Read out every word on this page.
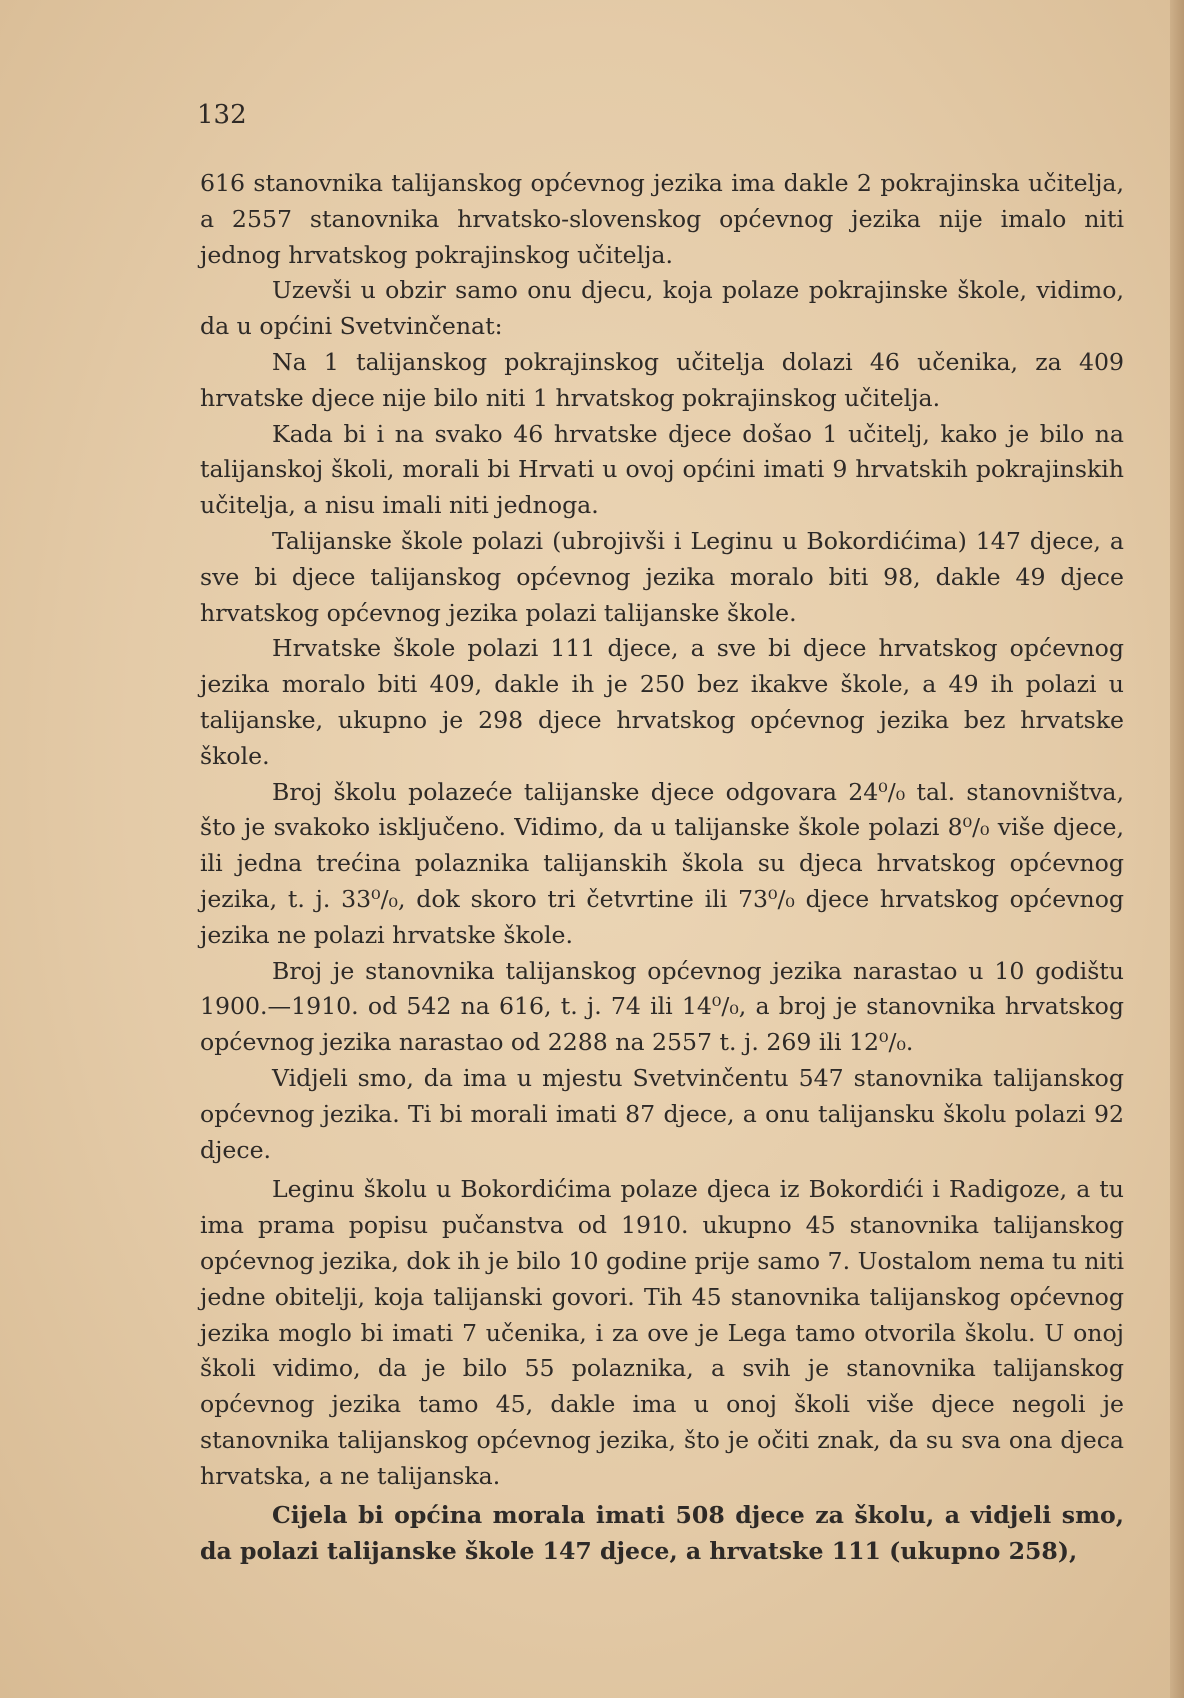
132

616 stanovnika talijanskog općevnog jezika ima dakle 2 pokrajinska učitelja, a 2557 stanovnika hrvatsko-slovenskog općevnog jezika nije imalo niti jednog hrvatskog pokrajinskog učitelja.

Uzevši u obzir samo onu djecu, koja polaze pokrajinske škole, vidimo, da u općini Svetvinčenat:

Na 1 talijanskog pokrajinskog učitelja dolazi 46 učenika, za 409 hrvatske djece nije bilo niti 1 hrvatskog pokrajinskog učitelja.

Kada bi i na svako 46 hrvatske djece došao 1 učitelj, kako je bilo na talijanskoj školi, morali bi Hrvati u ovoj općini imati 9 hrvatskih pokrajinskih učitelja, a nisu imali niti jednoga.

Talijanske škole polazi (ubrojivši i Leginu u Bokordićima) 147 djece, a sve bi djece talijanskog općevnog jezika moralo biti 98, dakle 49 djece hrvatskog općevnog jezika polazi talijanske škole.

Hrvatske škole polazi 111 djece, a sve bi djece hrvatskog općevnog jezika moralo biti 409, dakle ih je 250 bez ikakve škole, a 49 ih polazi u talijanske, ukupno je 298 djece hrvatskog općevnog jezika bez hrvatske škole.

Broj školu polazeće talijanske djece odgovara 24⁰/₀ tal. stanovništva, što je svakoko isključeno. Vidimo, da u talijanske škole polazi 8⁰/₀ više djece, ili jedna trećina polaznika talijanskih škola su djeca hrvatskog općevnog jezika, t. j. 33⁰/₀, dok skoro tri četvrtine ili 73⁰/₀ djece hrvatskog općevnog jezika ne polazi hrvatske škole.

Broj je stanovnika talijanskog općevnog jezika narastao u 10 godištu 1900.—1910. od 542 na 616, t. j. 74 ili 14⁰/₀, a broj je stanovnika hrvatskog općevnog jezika narastao od 2288 na 2557 t. j. 269 ili 12⁰/₀.

Vidjeli smo, da ima u mjestu Svetvinčentu 547 stanovnika talijanskog općevnog jezika. Ti bi morali imati 87 djece, a onu talijansku školu polazi 92 djece.

Leginu školu u Bokordićima polaze djeca iz Bokordići i Radigoze, a tu ima prama popisu pučanstva od 1910. ukupno 45 stanovnika talijanskog općevnog jezika, dok ih je bilo 10 godine prije samo 7. Uostalom nema tu niti jedne obitelji, koja talijanski govori. Tih 45 stanovnika talijanskog općevnog jezika moglo bi imati 7 učenika, i za ove je Lega tamo otvorila školu. U onoj školi vidimo, da je bilo 55 polaznika, a svih je stanovnika talijanskog općevnog jezika tamo 45, dakle ima u onoj školi više djece negoli je stanovnika talijanskog općevnog jezika, što je očiti znak, da su sva ona djeca hrvatska, a ne talijanska.

Cijela bi općina morala imati 508 djece za školu, a vidjeli smo, da polazi talijanske škole 147 djece, a hrvatske 111 (ukupno 258),
